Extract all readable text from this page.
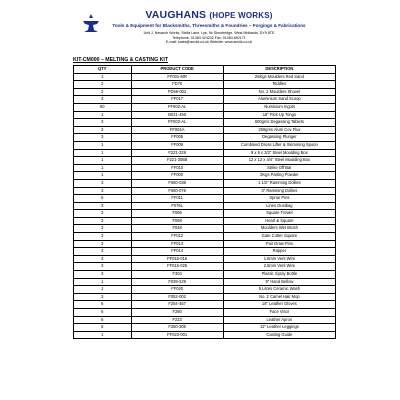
VAUGHANS (HOPE WORKS)
Tools & Equipment for Blacksmiths, Threesmiths & Foundries – Forgings & Fabrications
Unit J, Navarch Works, Stella Lane, Lye, Nr Stourbridge, West Midlands, DY9 8TE
Telephone: 01384 424232 Fax: 01384 892171
E-mail: sales@anvils.co.uk Website: www.anvils.co.uk
KIT-CM000 – MELTING & CASTING KIT
QTY	PRODUCT CODE	DESCRIPTION
1	FF001-MR	25Kgs Moulders Red Sand
2	FD70	Riddles
2	FD56-002	No. 2 Moulders Shovel
3	FF017	Aluminium Sand Scoop
60	FF002-AL	Aluminium Ingots
1	B021-450	18" Pick Up Tongs
3	FF003-AL	600gms Degassing Tablets
3	FF004A	250gms Alum Cov Flux
3	FF005	Degassing Plunger
1	FF009	Combined Dross Lifter & Skimming Spoon
1	F221-229	9 x 9 x 3/2" Steel Moulding Box
1	F221-305B	12 x 12 x 4/4" Steel Moulding Box
1	FF010	Strike Off Bar
1	FF000	2Kgs Parting Powder
3	F060-038	1 1/2" Ramming Dollies
3	F060-076	3" Ramming Dollies
6	FF011	Sprue Pins
3	F076L	Linen Dustbag
3	F066	Square Trowel
3	F068	Heart & Square
3	F048	Moulders Wet Brush
3	FF012	Gate Cutter Square
3	FF013	Pair Draw Pins
3	FF014	Rapper
3	FF016-016	1.6mm Vent Wire
3	FF016-025	2.5mm Vent Wire
3	F304	Plastic Spray Bottle
1	F039-229	9" Hand Bellow
1	FF020	5 Litres Ceramic Wash
3	F052-002	No. 2 Camel Hair Mop
6	F254-457	18" Leather Gloves
6	F280	Face Visor
6	F223	Leather Apron
6	F250-305	12" Leather Leggings
1	FF023-001	Casting Guide
